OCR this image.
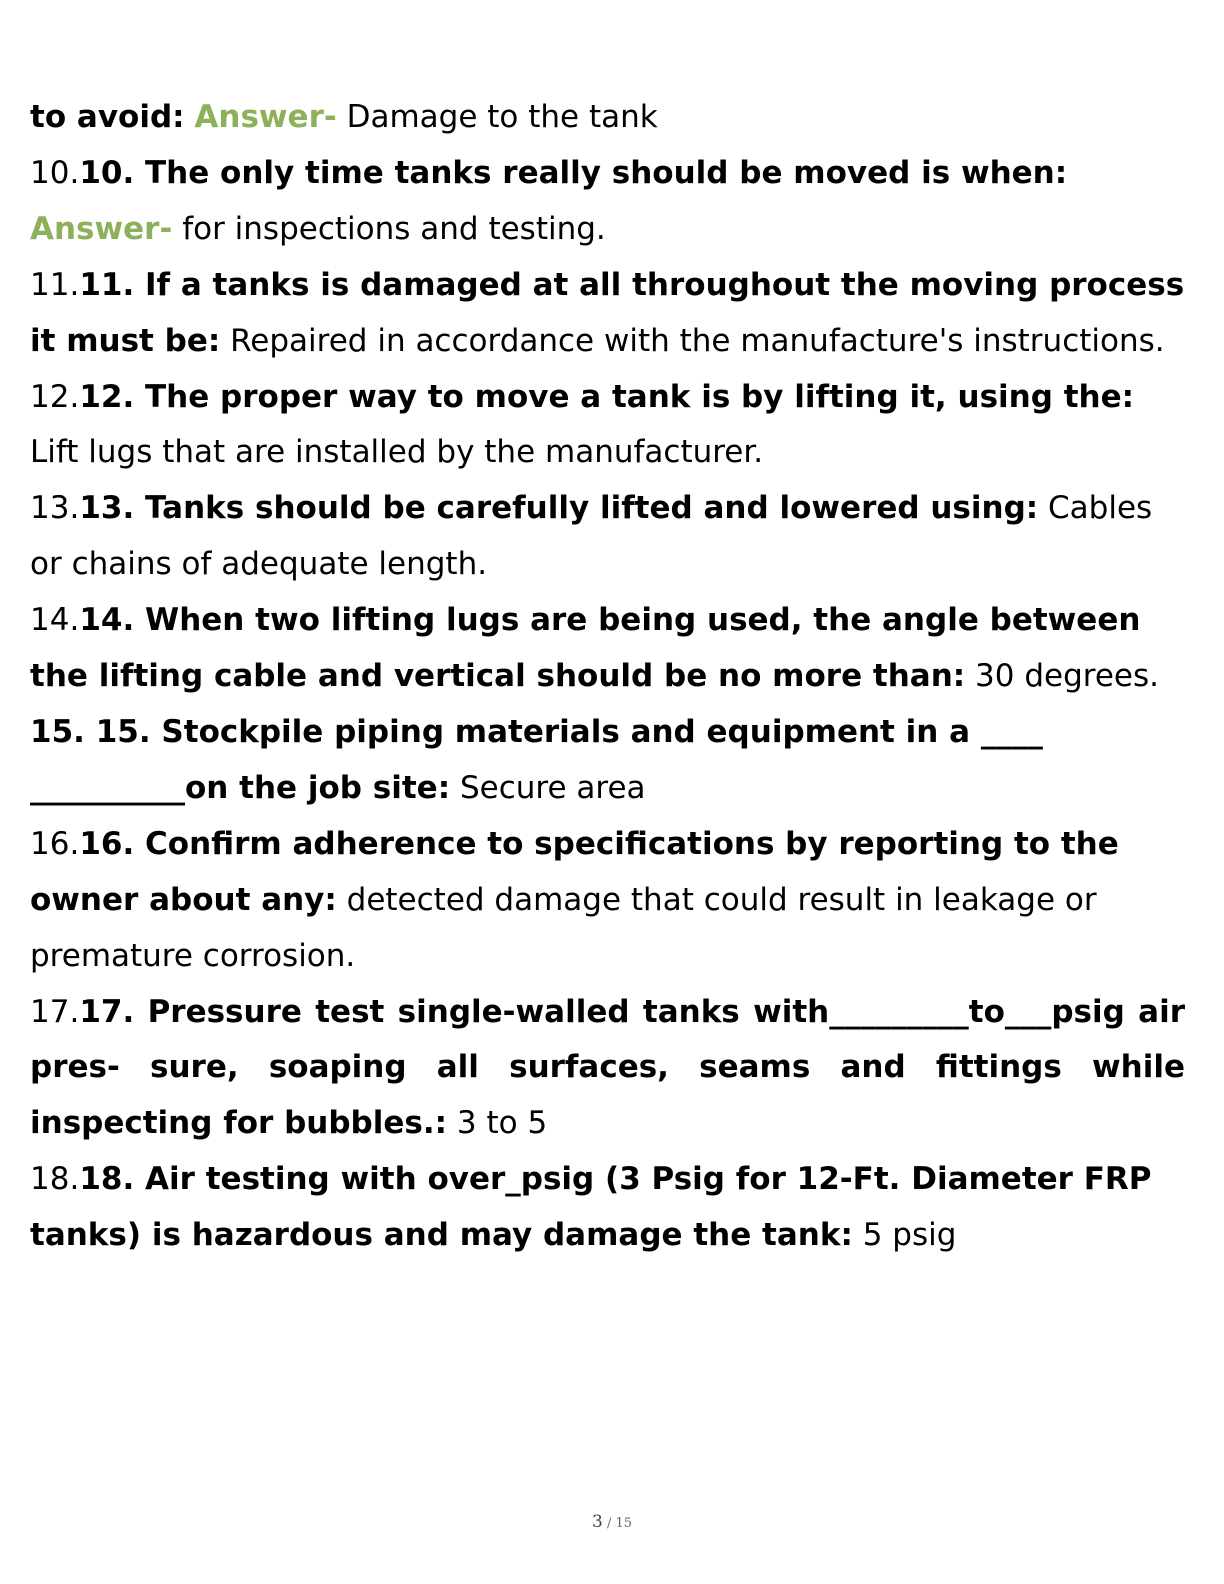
to avoid: Answer- Damage to the tank

10.10. The only time tanks really should be moved is when: Answer- for inspections and testing.

11.11. If a tanks is damaged at all throughout the moving process it must be: Repaired in accordance with the manufacture's instructions.

12.12. The proper way to move a tank is by lifting it, using the: Lift lugs that are installed by the manufacturer.

13.13. Tanks should be carefully lifted and lowered using: Cables or chains of adequate length.

14.14. When two lifting lugs are being used, the angle between the lifting cable and vertical should be no more than: 30 degrees.

15. 15. Stockpile piping materials and equipment in a ____ __________on the job site: Secure area

16.16. Confirm adherence to specifications by reporting to the owner about any: detected damage that could result in leakage or premature corrosion.

17.17. Pressure test single-walled tanks with_________to___psig air pres- sure, soaping all surfaces, seams and fittings while inspecting for bubbles.: 3 to 5

18.18. Air testing with over_psig (3 Psig for 12-Ft. Diameter FRP tanks) is hazardous and may damage the tank: 5 psig

3 / 15
